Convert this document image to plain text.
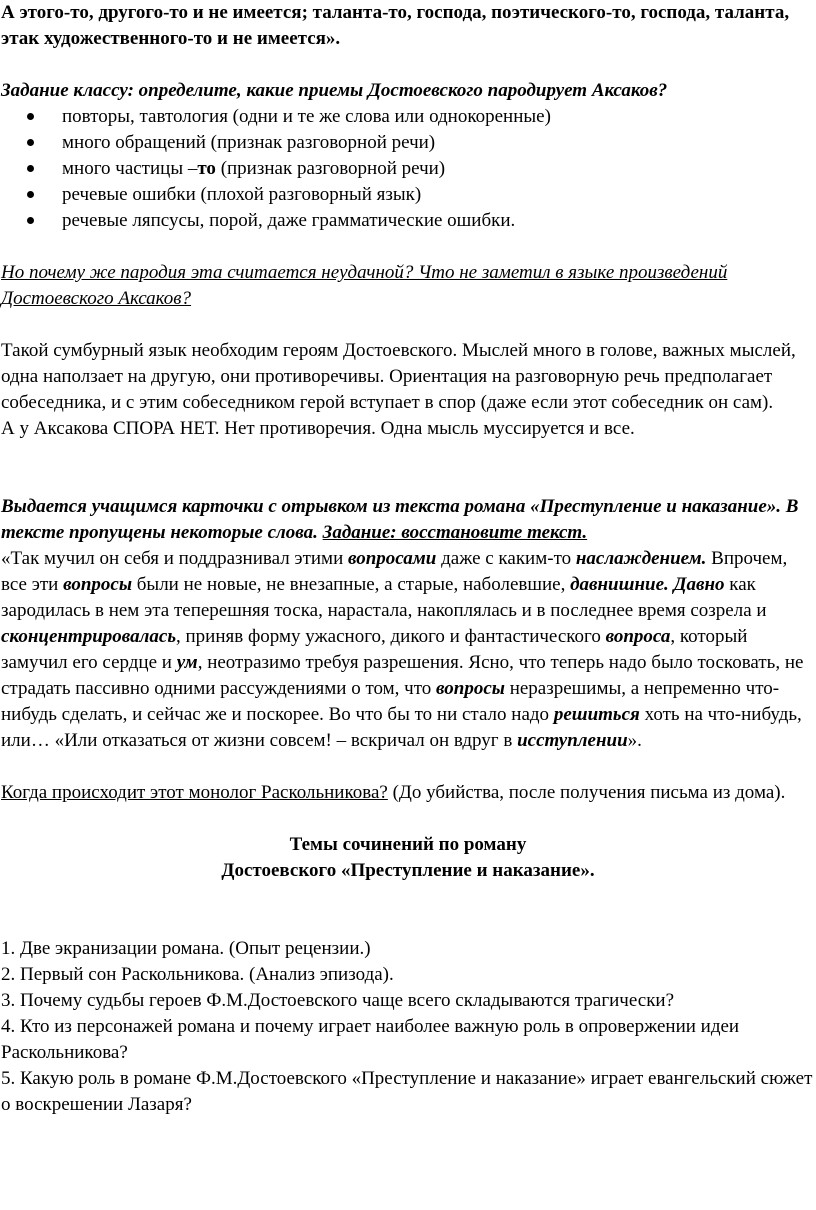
А этого-то, другого-то и не имеется; таланта-то, господа, поэтического-то, господа, таланта, этак художественного-то и не имеется».

Задание классу: определите, какие приемы Достоевского пародирует Аксаков?

повторы, тавтология (одни и те же слова или однокоренные)
много обращений (признак разговорной речи)
много частицы –то (признак разговорной речи)
речевые ошибки (плохой разговорный язык)
речевые ляпсусы, порой, даже грамматические ошибки.

Но почему же пародия эта считается неудачной? Что не заметил в языке произведений Достоевского Аксаков?

Такой сумбурный язык необходим героям Достоевского. Мыслей много в голове, важных мыслей, одна наползает на другую, они противоречивы. Ориентация на разговорную речь предполагает собеседника, и с этим собеседником герой вступает в спор (даже если этот собеседник он сам).

А у Аксакова СПОРА НЕТ. Нет противоречия. Одна мысль муссируется и все.

Выдается учащимся карточки с отрывком из текста романа «Преступление и наказание». В тексте пропущены некоторые слова. Задание: восстановите текст.

«Так мучил он себя и поддразнивал этими вопросами даже с каким-то наслаждением. Впрочем, все эти вопросы были не новые, не внезапные, а старые, наболевшие, давнишние. Давно как зародилась в нем эта теперешняя тоска, нарастала, накоплялась и в последнее время созрела и сконцентрировалась, приняв форму ужасного, дикого и фантастического вопроса, который замучил его сердце и ум, неотразимо требуя разрешения. Ясно, что теперь надо было тосковать, не страдать пассивно одними рассуждениями о том, что вопросы неразрешимы, а непременно что-нибудь сделать, и сейчас же и поскорее. Во что бы то ни стало надо решиться хоть на что-нибудь, или… «Или отказаться от жизни совсем! – вскричал он вдруг в исступлении».

Когда происходит этот монолог Раскольникова? (До убийства, после получения письма из дома).

Темы сочинений по роману

Достоевского «Преступление и наказание».

1. Две экранизации романа. (Опыт рецензии.)

2. Первый сон Раскольникова. (Анализ эпизода).

3. Почему судьбы героев Ф.М.Достоевского чаще всего складываются трагически?

4. Кто из персонажей романа и почему играет наиболее важную роль в опровержении идеи Раскольникова?

5. Какую роль в романе Ф.М.Достоевского «Преступление и наказание» играет евангельский сюжет о воскрешении Лазаря?
